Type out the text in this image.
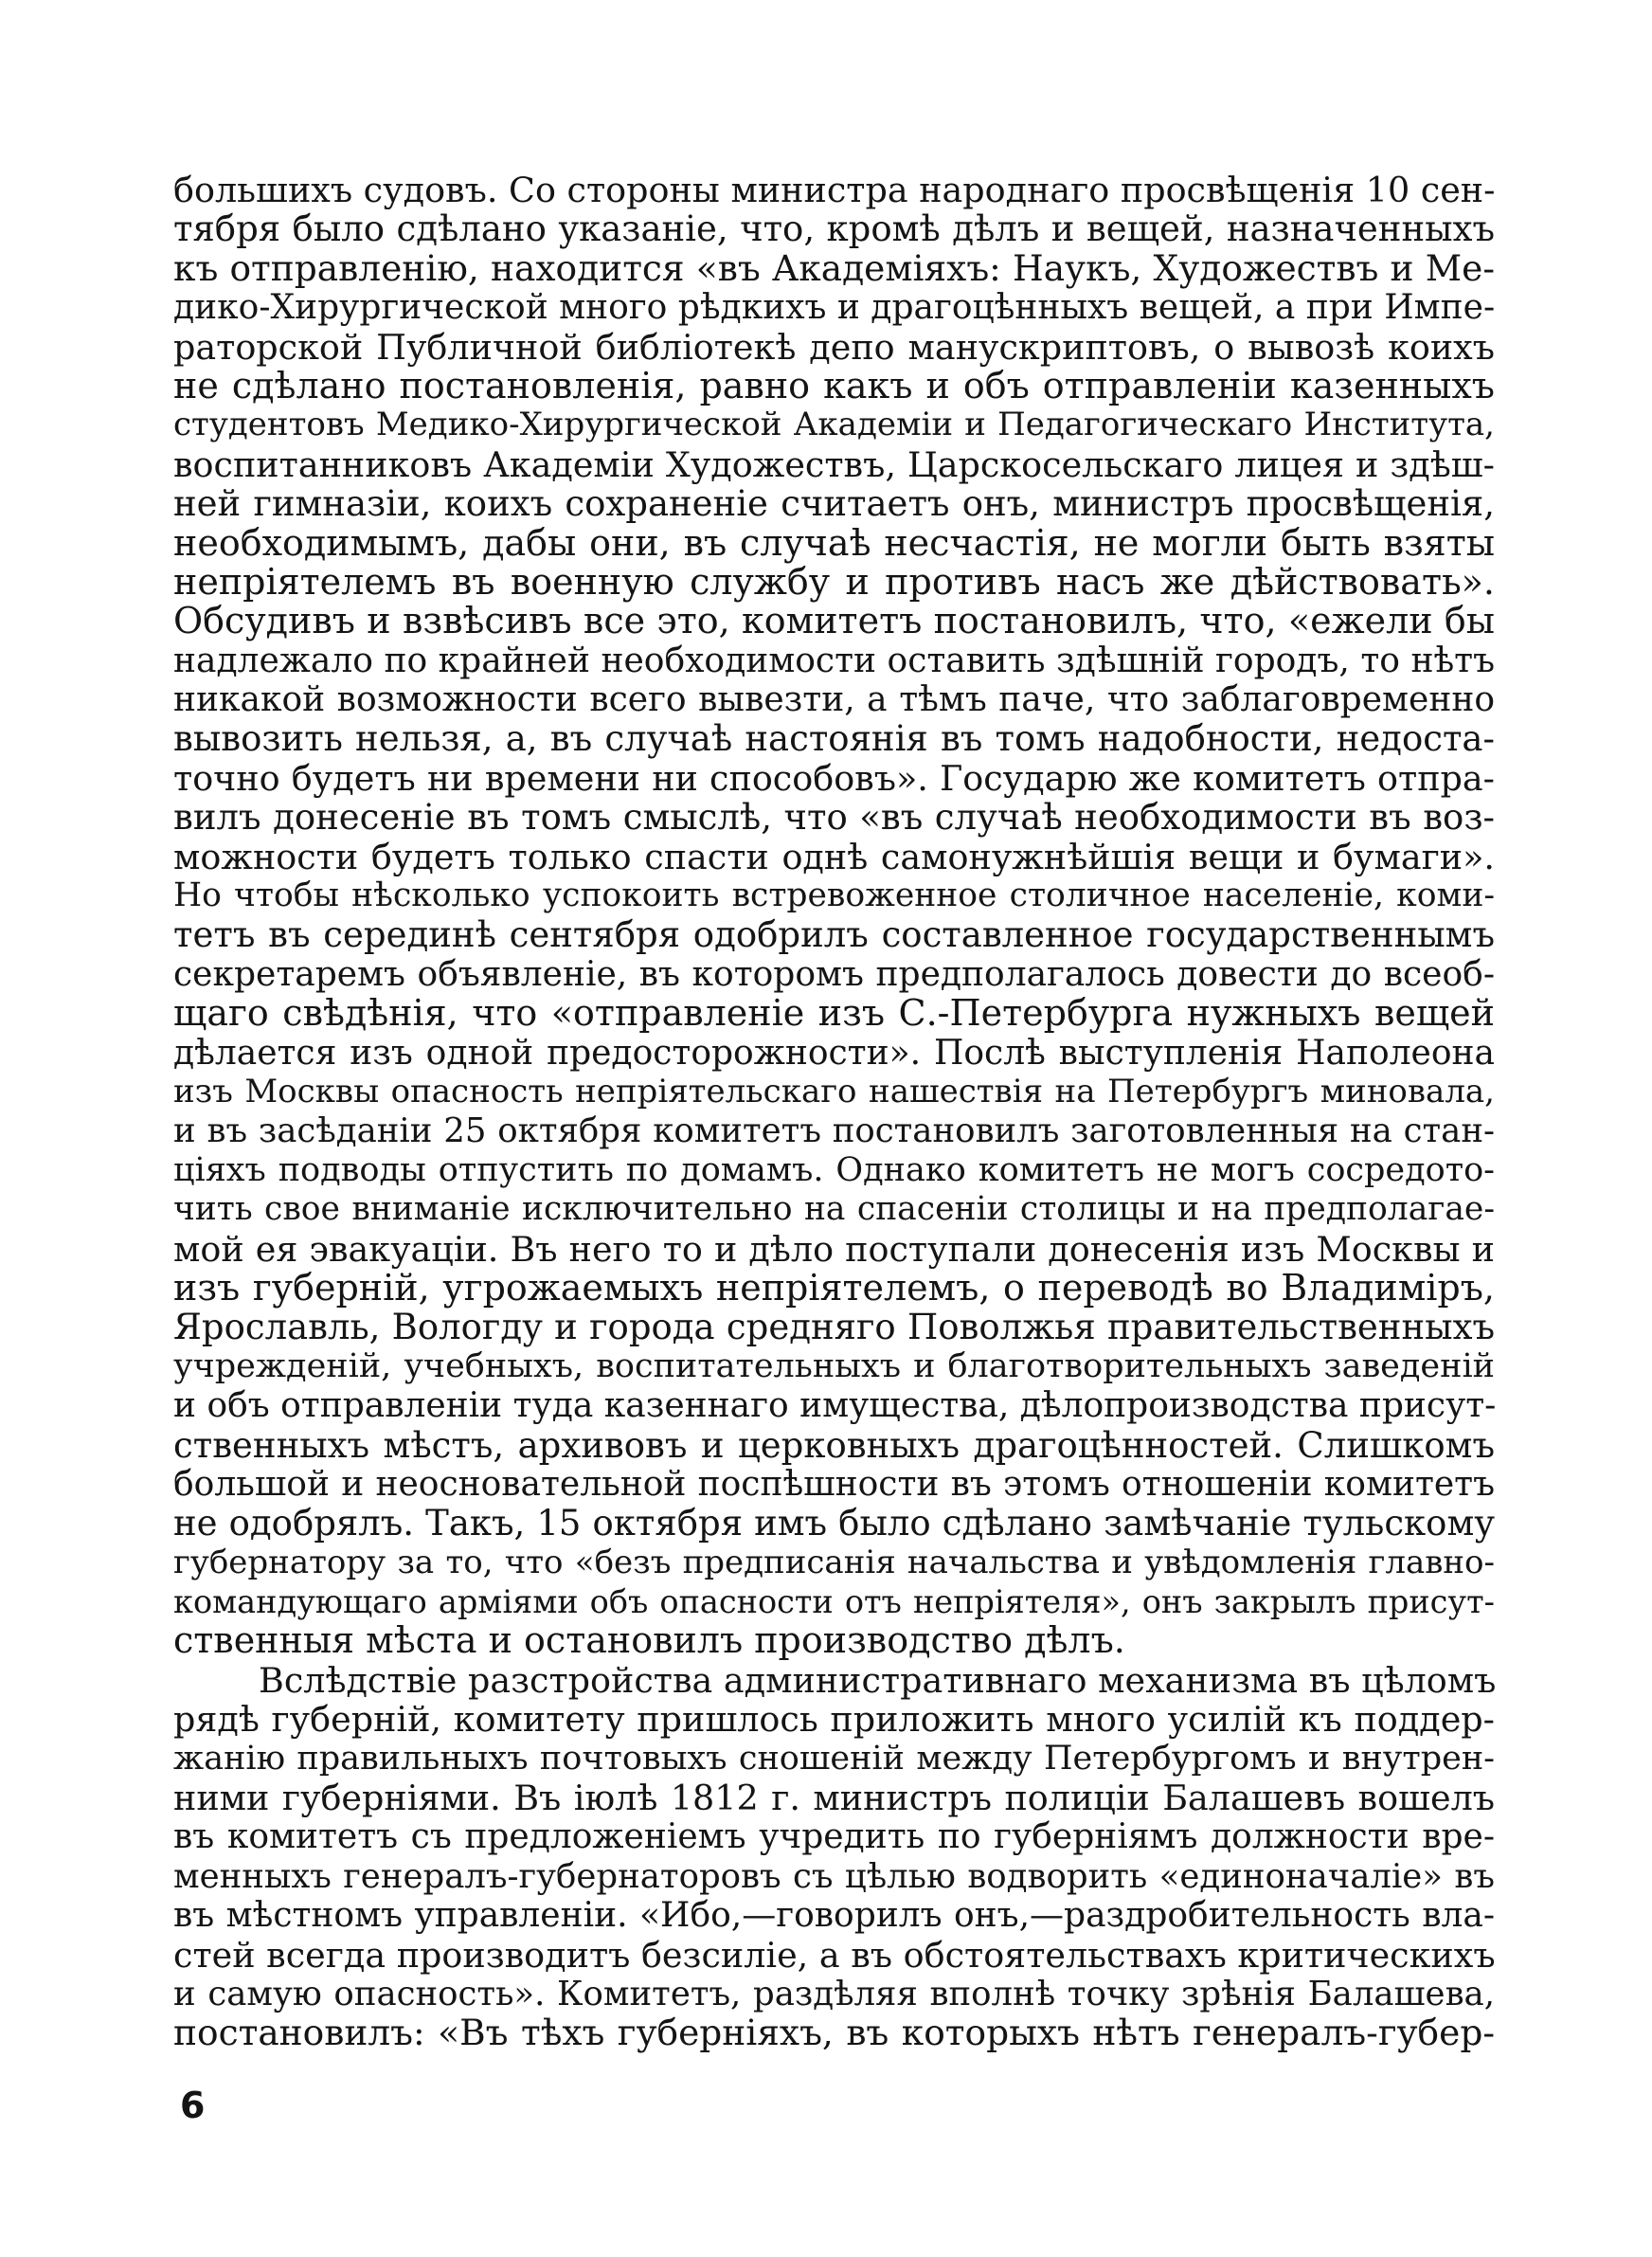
большихъ судовъ. Со стороны министра народнаго просвѣщенія 10 сен-
тября было сдѣлано указаніе, что, кромѣ дѣлъ и вещей, назначенныхъ
къ отправленію, находится «въ Академіяхъ: Наукъ, Художествъ и Ме-
дико-Хирургической много рѣдкихъ и драгоцѣнныхъ вещей, а при Импе-
раторской Публичной библіотекѣ депо манускриптовъ, о вывозѣ коихъ
не сдѣлано постановленія, равно какъ и объ отправленіи казенныхъ
студентовъ Медико-Хирургической Академіи и Педагогическаго Института,
воспитанниковъ Академіи Художествъ, Царскосельскаго лицея и здѣш-
ней гимназіи, коихъ сохраненіе считаетъ онъ, министръ просвѣщенія,
необходимымъ, дабы они, въ случаѣ несчастія, не могли быть взяты
непріятелемъ въ военную службу и противъ насъ же дѣйствовать».
Обсудивъ и взвѣсивъ все это, комитетъ постановилъ, что, «ежели бы
надлежало по крайней необходимости оставить здѣшній городъ, то нѣтъ
никакой возможности всего вывезти, а тѣмъ паче, что заблаговременно
вывозить нельзя, а, въ случаѣ настоянія въ томъ надобности, недоста-
точно будетъ ни времени ни способовъ». Государю же комитетъ отпра-
вилъ донесеніе въ томъ смыслѣ, что «въ случаѣ необходимости въ воз-
можности будетъ только спасти однѣ самонужнѣйшія вещи и бумаги».
Но чтобы нѣсколько успокоить встревоженное столичное населеніе, коми-
тетъ въ серединѣ сентября одобрилъ составленное государственнымъ
секретаремъ объявленіе, въ которомъ предполагалось довести до всеоб-
щаго свѣдѣнія, что «отправленіе изъ С.-Петербурга нужныхъ вещей
дѣлается изъ одной предосторожности». Послѣ выступленія Наполеона
изъ Москвы опасность непріятельскаго нашествія на Петербургъ миновала,
и въ засѣданіи 25 октября комитетъ постановилъ заготовленныя на стан-
ціяхъ подводы отпустить по домамъ. Однако комитетъ не могъ сосредото-
чить свое вниманіе исключительно на спасеніи столицы и на предполагае-
мой ея эвакуаціи. Въ него то и дѣло поступали донесенія изъ Москвы и
изъ губерній, угрожаемыхъ непріятелемъ, о переводѣ во Владиміръ,
Ярославль, Вологду и города средняго Поволжья правительственныхъ
учрежденій, учебныхъ, воспитательныхъ и благотворительныхъ заведеній
и объ отправленіи туда казеннаго имущества, дѣлопроизводства присут-
ственныхъ мѣстъ, архивовъ и церковныхъ драгоцѣнностей. Слишкомъ
большой и неосновательной поспѣшности въ этомъ отношеніи комитетъ
не одобрялъ. Такъ, 15 октября имъ было сдѣлано замѣчаніе тульскому
губернатору за то, что «безъ предписанія начальства и увѣдомленія главно-
командующаго арміями объ опасности отъ непріятеля», онъ закрылъ присут-
ственныя мѣста и остановилъ производство дѣлъ.
Вслѣдствіе разстройства административнаго механизма въ цѣломъ
рядѣ губерній, комитету пришлось приложить много усилій къ поддер-
жанію правильныхъ почтовыхъ сношеній между Петербургомъ и внутрен-
ними губерніями. Въ іюлѣ 1812 г. министръ полиціи Балашевъ вошелъ
въ комитетъ съ предложеніемъ учредить по губерніямъ должности вре-
менныхъ генералъ-губернаторовъ съ цѣлью водворить «единоначаліе» въ
въ мѣстномъ управленіи. «Ибо,—говорилъ онъ,—раздробительность вла-
стей всегда производитъ безсиліе, а въ обстоятельствахъ критическихъ
и самую опасность». Комитетъ, раздѣляя вполнѣ точку зрѣнія Балашева,
постановилъ: «Въ тѣхъ губерніяхъ, въ которыхъ нѣтъ генералъ-губер-
6
